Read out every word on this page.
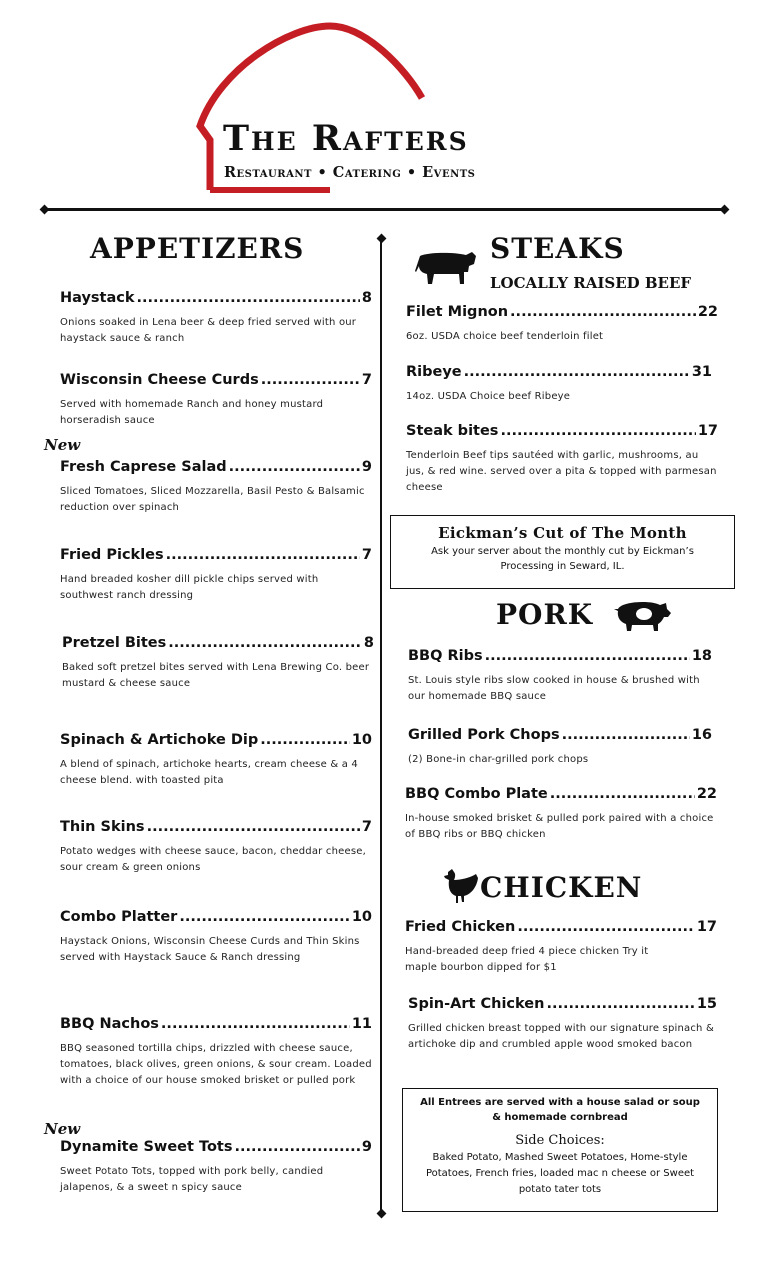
The Rafters
Restaurant • Catering • Events
APPETIZERS
Haystack .....	8
Onions soaked in Lena beer & deep fried served with our haystack sauce & ranch
Wisconsin Cheese Curds .....	7
Served with homemade Ranch and honey mustard horseradish sauce
New
Fresh Caprese Salad .....	9
Sliced Tomatoes, Sliced Mozzarella, Basil Pesto & Balsamic reduction over spinach
Fried Pickles .....	7
Hand breaded kosher dill pickle chips served with southwest ranch dressing
Pretzel Bites .....	8
Baked soft pretzel bites served with Lena Brewing Co. beer mustard & cheese sauce
Spinach & Artichoke Dip .....	10
A blend of spinach, artichoke hearts, cream cheese & a 4 cheese blend. with toasted pita
Thin Skins .....	7
Potato wedges with cheese sauce, bacon, cheddar cheese, sour cream & green onions
Combo Platter .....	10
Haystack Onions, Wisconsin Cheese Curds and Thin Skins served with Haystack Sauce & Ranch dressing
BBQ Nachos .....	11
BBQ seasoned tortilla chips, drizzled with cheese sauce, tomatoes, black olives, green onions, & sour cream. Loaded with a choice of our house smoked brisket or pulled pork
New
Dynamite Sweet Tots .....	9
Sweet Potato Tots, topped with pork belly, candied jalapenos, & a sweet n spicy sauce
STEAKS
LOCALLY RAISED BEEF
Filet Mignon .....	22
6oz. USDA choice beef tenderloin filet
Ribeye .....	31
14oz. USDA Choice beef Ribeye
Steak bites .....	17
Tenderloin Beef tips sautéed with garlic, mushrooms, au jus, & red wine. served over a pita & topped with parmesan cheese
Eickman’s Cut of The Month
Ask your server about the monthly cut by Eickman’s Processing in Seward, IL.
PORK
BBQ Ribs .....	18
St. Louis style ribs slow cooked in house & brushed with our homemade BBQ sauce
Grilled Pork Chops .....	16
(2) Bone-in char-grilled pork chops
BBQ Combo Plate .....	22
In-house smoked brisket & pulled pork paired with a choice of BBQ ribs or BBQ chicken
CHICKEN
Fried Chicken .....	17
Hand-breaded deep fried 4 piece chicken Try it maple bourbon dipped for $1
Spin-Art Chicken .....	15
Grilled chicken breast topped with our signature spinach & artichoke dip and crumbled apple wood smoked bacon
All Entrees are served with a house salad or soup & homemade cornbread
Side Choices:
Baked Potato, Mashed Sweet Potatoes, Home-style Potatoes, French fries, loaded mac n cheese or Sweet potato tater tots
